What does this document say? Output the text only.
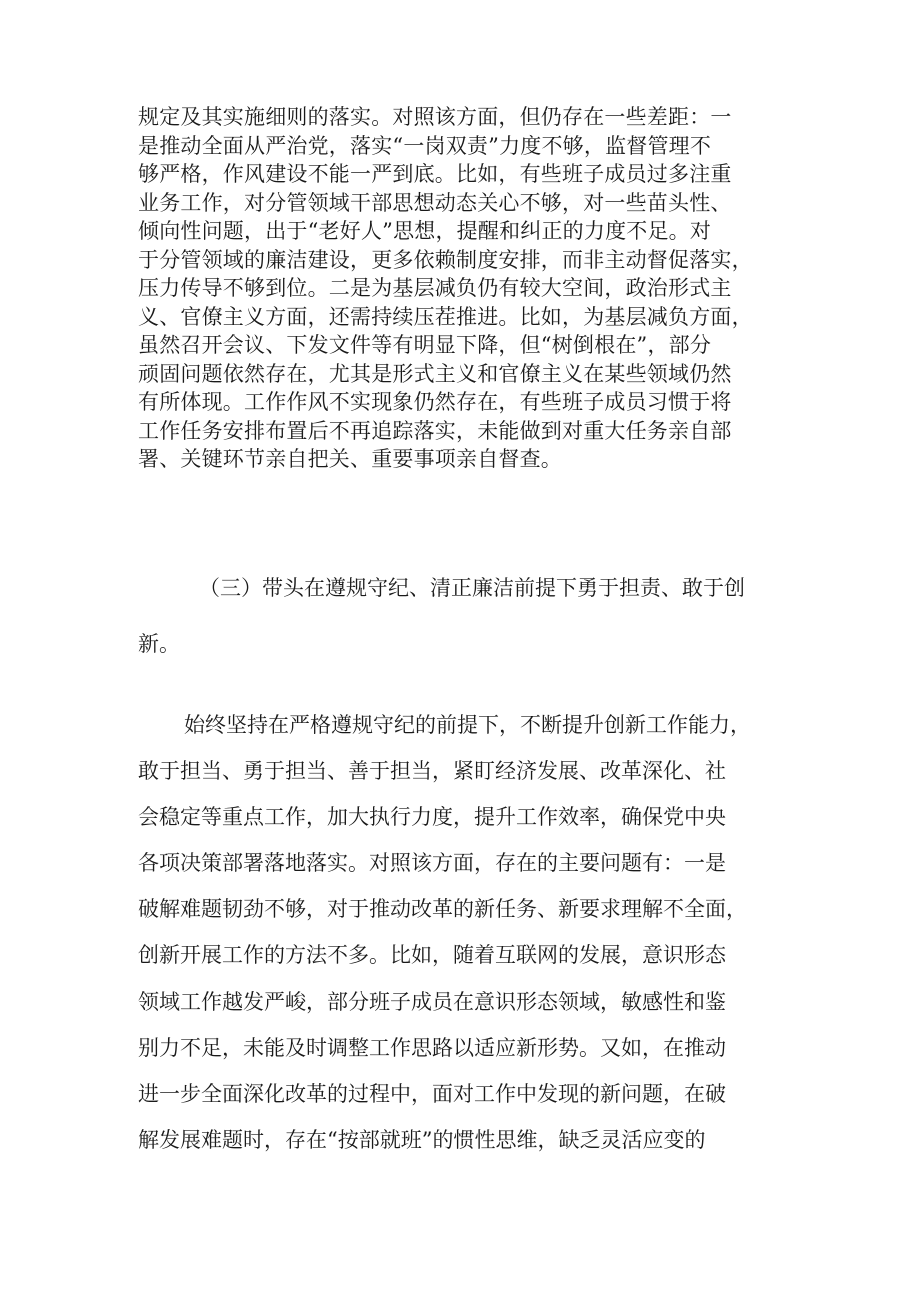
规定及其实施细则的落实。对照该方面，但仍存在一些差距：一
是推动全面从严治党，落实“一岗双责”力度不够，监督管理不
够严格，作风建设不能一严到底。比如，有些班子成员过多注重
业务工作，对分管领域干部思想动态关心不够，对一些苗头性、
倾向性问题，出于“老好人”思想，提醒和纠正的力度不足。对
于分管领域的廉洁建设，更多依赖制度安排，而非主动督促落实，
压力传导不够到位。二是为基层减负仍有较大空间，政治形式主
义、官僚主义方面，还需持续压茬推进。比如，为基层减负方面，
虽然召开会议、下发文件等有明显下降，但“树倒根在”，部分
顽固问题依然存在，尤其是形式主义和官僚主义在某些领域仍然
有所体现。工作作风不实现象仍然存在，有些班子成员习惯于将
工作任务安排布置后不再追踪落实，未能做到对重大任务亲自部
署、关键环节亲自把关、重要事项亲自督查。
（三）带头在遵规守纪、清正廉洁前提下勇于担责、敢于创
新。
始终坚持在严格遵规守纪的前提下，不断提升创新工作能力，
敢于担当、勇于担当、善于担当，紧盯经济发展、改革深化、社
会稳定等重点工作，加大执行力度，提升工作效率，确保党中央
各项决策部署落地落实。对照该方面，存在的主要问题有：一是
破解难题韧劲不够，对于推动改革的新任务、新要求理解不全面，
创新开展工作的方法不多。比如，随着互联网的发展，意识形态
领域工作越发严峻，部分班子成员在意识形态领域，敏感性和鉴
别力不足，未能及时调整工作思路以适应新形势。又如，在推动
进一步全面深化改革的过程中，面对工作中发现的新问题，在破
解发展难题时，存在“按部就班”的惯性思维，缺乏灵活应变的
